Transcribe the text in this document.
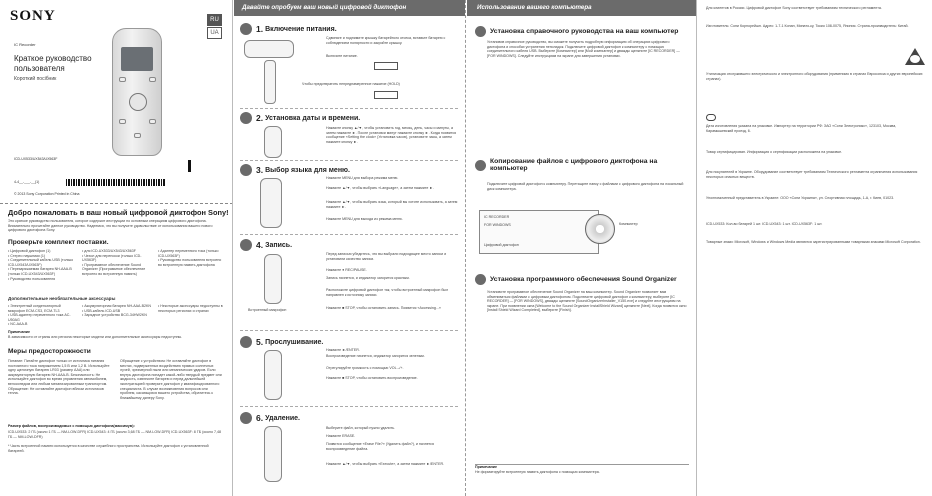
SONY	RU
UA
IC Recorder
Краткое руководство пользователя
Короткий посібник
ICD-UX533/UX543/UX563F
4-4__-___-__(1)
© 2013 Sony Corporation Printed in China
Добро пожаловать в ваш новый цифровой диктофон Sony!
Это краткое руководство пользователя, которое содержит инструкции по основным операциям цифрового диктофона. Внимательно прочитайте данное руководство. Надеемся, что вы получите удовольствие от использования вашего нового цифрового диктофона Sony.
Проверьте комплект поставки.
• Цифровой диктофон (1)
• Стерео наушники (1)
• Соединительный кабель USB (только ICD-UX543/UX563F)
• Перезаряжаемая батарея NH-AAA-B (только ICD-UX543/UX563F)
• Руководство пользователя
• для ICD-UX533/UX543/UX563F
• Чехол для переноски (только ICD-UX563F)
• Программное обеспечение Sound Organizer (Программное обеспечение встроено во встроенную память)
• Адаптер переменного тока (только ICD-UX563F)
• Руководство пользователя встроено во встроенную память диктофона
Дополнительные необязательные аксессуары
• Электретный конденсаторный микрофон ECM-CS3, ECM-TL3
• USB-адаптер переменного тока AC-U50AG
• NC-AAA-B
• Аккумуляторная батарея NH-AAA-B2KN
• USB-кабель ICD-USB
• Зарядное устройство BCG-34HW2KN
• Некоторые аксессуары недоступны в некоторых регионах и странах
Примечание
В зависимости от страны или региона некоторые модели или дополнительные аксессуары недоступны.
Меры предосторожности
Питание: Питайте диктофон только от источника питания постоянного тока напряжением 1,5 В или 1,2 В. Используйте одну щелочную батарею LR03 (размер AAA) или аккумуляторную батарею NH-AAA-B. Безопасность: Не используйте диктофон во время управления автомобилем, велосипедом или любым механизированным транспортом. Обращение: Не оставляйте диктофон вблизи источников тепла.
Обращение с устройством: Не оставляйте диктофон в местах, подверженных воздействию прямых солнечных лучей, чрезмерной пыли или механических ударов. Если внутрь диктофона попадет какой-либо твердый предмет или жидкость, извлеките батарею и перед дальнейшей эксплуатацией проверьте диктофон у квалифицированного специалиста. В случае возникновения вопросов или проблем, касающихся вашего устройства, обратитесь к ближайшему дилеру Sony.
Размер файлов, воспроизводимых с помощью диктофона(максимум):
ICD-UX533: 2 ГБ (около 1 ГБ — NM-LOW-DFR) ICD-UX543: 4 ГБ (около 3,68 ГБ — NM-LOW-DFR) ICD-UX563F: 8 ГБ (около 7,48 ГБ — NM-LOW-DFR)
* Часть встроенной памяти используется в качестве служебного пространства. Используйте диктофон с установленной батареей.
Давайте опробуем ваш новый цифровой диктофон
1. Включение питания.
Сдвиньте и поднимите крышку батарейного отсека, вставьте батарею с соблюдением полярности и закройте крышку.
Включите питание.
Чтобы предотвратить непреднамеренное нажатие (HOLD)
2. Установка даты и времени.
Нажмите кнопку ▲/▼, чтобы установить год, месяц, день, часы и минуты, а затем нажмите ►. После установки минут нажмите кнопку ►. Когда появится сообщение «Setting the clock» (Установка часов), установите часы, а затем нажмите кнопку ►.
3. Выбор языка для меню.
Нажмите MENU для выбора режима меню.
Нажмите ▲/▼, чтобы выбрать «Language», а затем нажмите ►.
Нажмите ▲/▼, чтобы выбрать язык, который вы хотите использовать, а затем нажмите ►.
Нажмите MENU для выхода из режима меню.
4. Запись.
Встроенный микрофон
Перед записью убедитесь, что вы выбрали подходящее место записи и установили качество записи.
Нажмите ● REC/PAUSE.
Запись начнется, и индикатор загорится красным.
Расположите цифровой диктофон так, чтобы встроенный микрофон был направлен к источнику записи.
Нажмите ■ STOP, чтобы остановить запись. Появится «Accessing...»
5. Прослушивание.
Нажмите ►/ENTER.
Воспроизведение начнется, индикатор загорится зеленым.
Отрегулируйте громкость с помощью VOL –/+.
Нажмите ■ STOP, чтобы остановить воспроизведение.
6. Удаление.
Выберите файл, который нужно удалить.
Нажмите ERASE.
Появится сообщение «Erase File?» (Удалить файл?), и начнется воспроизведение файла.
Нажмите ▲/▼, чтобы выбрать «Execute», а затем нажмите ►/ENTER.
Использование вашего компьютера
Установка справочного руководства на ваш компьютер
Установив справочное руководство, вы сможете получить подробную информацию об операциях цифрового диктофона и способах устранения неполадок. Подключите цифровой диктофон к компьютеру с помощью соединительного кабеля USB. Выберите [Компьютер] или [Мой компьютер] и дважды щелкните [IC RECORDER] — [FOR WINDOWS]. Следуйте инструкциям на экране для завершения установки.
Копирование файлов с цифрового диктофона на компьютер
Подключите цифровой диктофон к компьютеру. Перетащите папку с файлами с цифрового диктофона на локальный диск компьютера.
IC RECORDER
FOR WINDOWS
Цифровой диктофон
Компьютер
Установка программного обеспечения Sound Organizer
Установите программное обеспечение Sound Organizer на ваш компьютер. Sound Organizer позволяет вам обмениваться файлами с цифровым диктофоном. Подключите цифровой диктофон к компьютеру, выберите [IC RECORDER] — [FOR WINDOWS], дважды щелкните [SoundOrganizerInstaller_V150.exe] и следуйте инструкциям на экране. При появлении окна [Welcome to the Sound Organizer InstallShield Wizard] щелкните [Next]. Когда появится окно [Install Shield Wizard Completed], выберите [Finish].
Примечание
Не форматируйте встроенную память диктофона с помощью компьютера.
Для клиентов в России. Цифровой диктофон Sony соответствует требованиям технического регламента.
Изготовитель: Сони Корпорейшн. Адрес: 1-7-1 Конан, Минато-ку, Токио 108-0075, Япония. Страна-производитель: Китай.
Утилизация отслужившего электрического и электронного оборудования (применимо в странах Евросоюза и других европейских странах).
Дата изготовления указана на упаковке. Импортер на территории РФ: ЗАО «Сони Электроникс», 123103, Москва, Карамышевский проезд, 6.
Товар сертифицирован. Информация о сертификации расположена на упаковке.
Для покупателей в Украине. Оборудование соответствует требованиям Технического регламента ограничения использования некоторых опасных веществ.
Уполномоченный представитель в Украине: ООО «Сони Украина», ул. Спортивная площадь, 1-А, г. Киев, 01023.
ICD-UX533: Кол-во батарей 1 шт. ICD-UX543: 1 шт. ICD-UX563F: 1 шт.
Товарные знаки: Microsoft, Windows и Windows Media являются зарегистрированными товарными знаками Microsoft Corporation.
